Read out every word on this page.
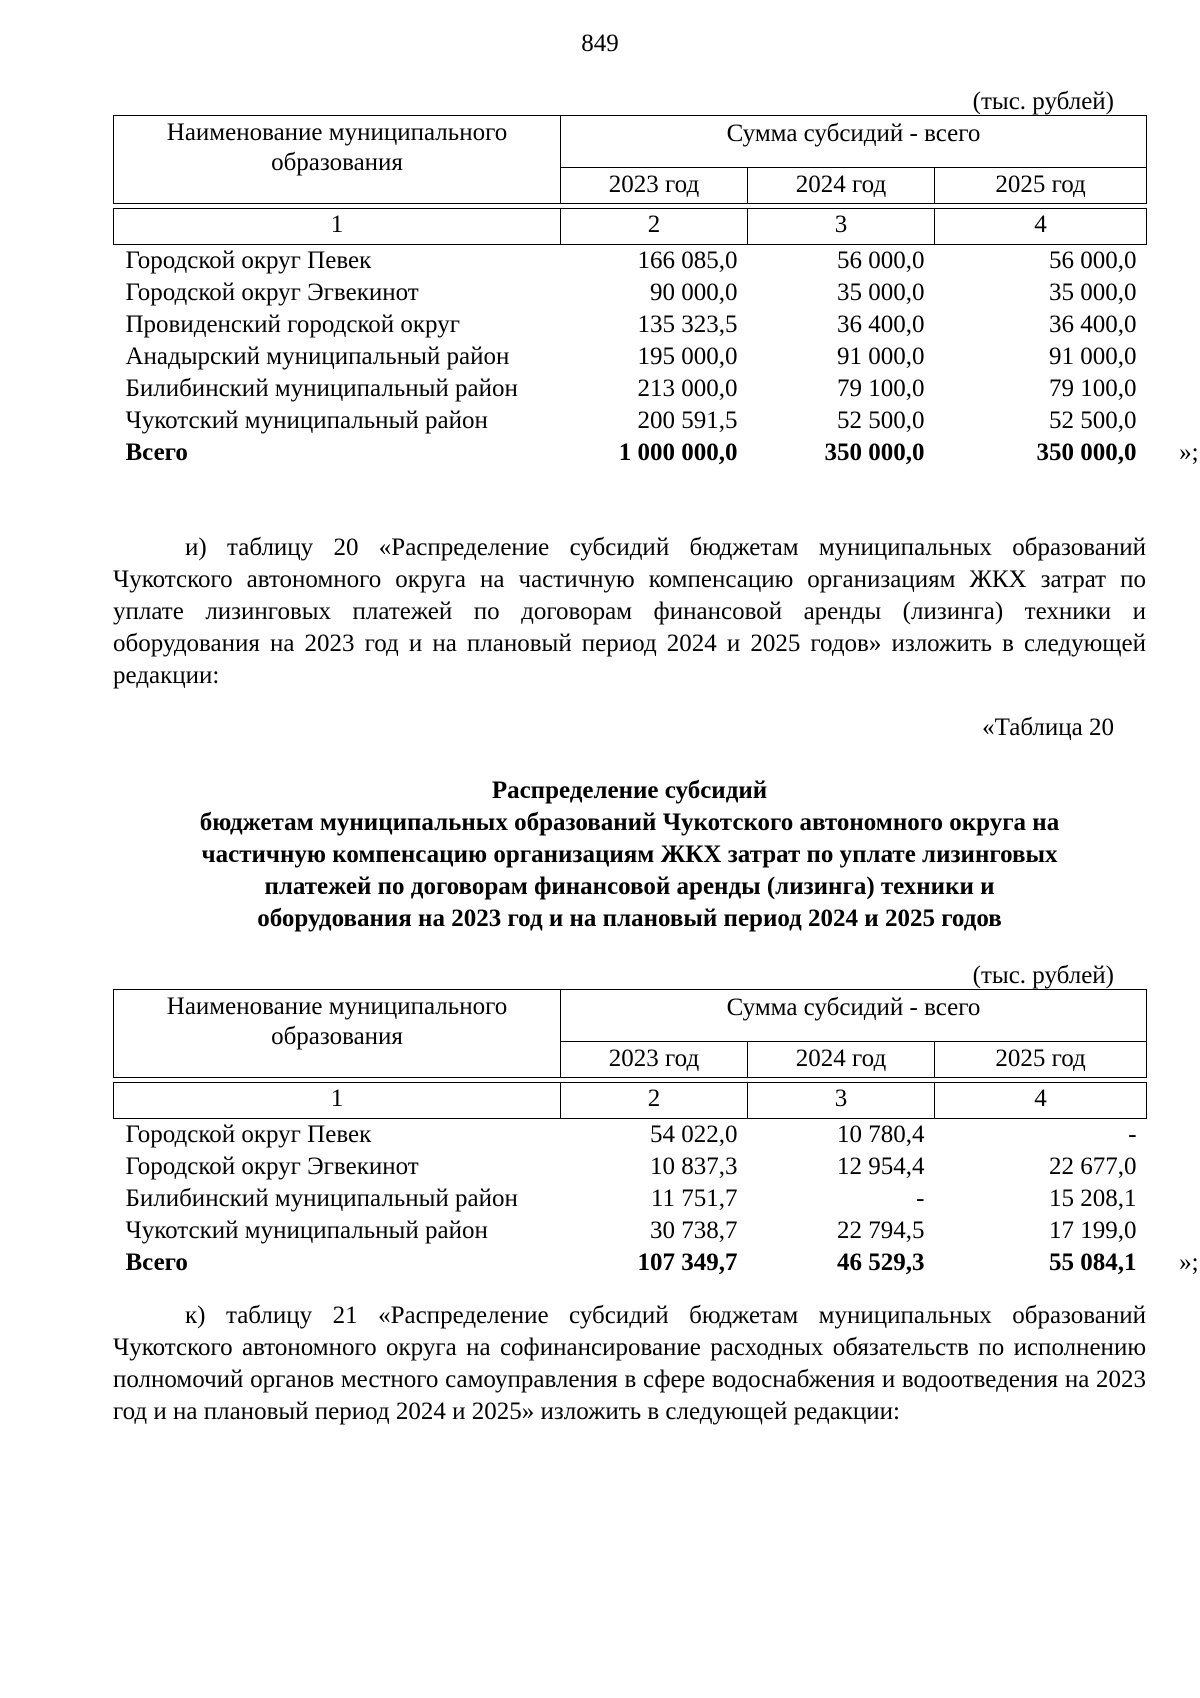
849
(тыс. рублей)
Наименование муниципального образования	Сумма субсидий - всего		
	2023 год	2024 год	2025 год

1	2	3	4
Городской округ Певек	166 085,0	56 000,0	56 000,0
Городской округ Эгвекинот	90 000,0	35 000,0	35 000,0
Провиденский городской округ	135 323,5	36 400,0	36 400,0
Анадырский муниципальный район	195 000,0	91 000,0	91 000,0
Билибинский муниципальный район	213 000,0	79 100,0	79 100,0
Чукотский муниципальный район	200 591,5	52 500,0	52 500,0
Всего	1 000 000,0	350 000,0	350 000,0 »;
и) таблицу 20 «Распределение субсидий бюджетам муниципальных образований Чукотского автономного округа на частичную компенсацию организациям ЖКХ затрат по уплате лизинговых платежей по договорам финансовой аренды (лизинга) техники и оборудования на 2023 год и на плановый период 2024 и 2025 годов» изложить в следующей редакции:
«Таблица 20
Распределение субсидий
бюджетам муниципальных образований Чукотского автономного округа на
частичную компенсацию организациям ЖКХ затрат по уплате лизинговых
платежей по договорам финансовой аренды (лизинга) техники и
оборудования на 2023 год и на плановый период 2024 и 2025 годов
(тыс. рублей)
Наименование муниципального образования	Сумма субсидий - всего		
	2023 год	2024 год	2025 год

1	2	3	4
Городской округ Певек	54 022,0	10 780,4	-
Городской округ Эгвекинот	10 837,3	12 954,4	22 677,0
Билибинский муниципальный район	11 751,7	-	15 208,1
Чукотский муниципальный район	30 738,7	22 794,5	17 199,0
Всего	107 349,7	46 529,3	55 084,1 »;
к) таблицу 21 «Распределение субсидий бюджетам муниципальных образований Чукотского автономного округа на софинансирование расходных обязательств по исполнению полномочий органов местного самоуправления в сфере водоснабжения и водоотведения на 2023 год и на плановый период 2024 и 2025» изложить в следующей редакции:
